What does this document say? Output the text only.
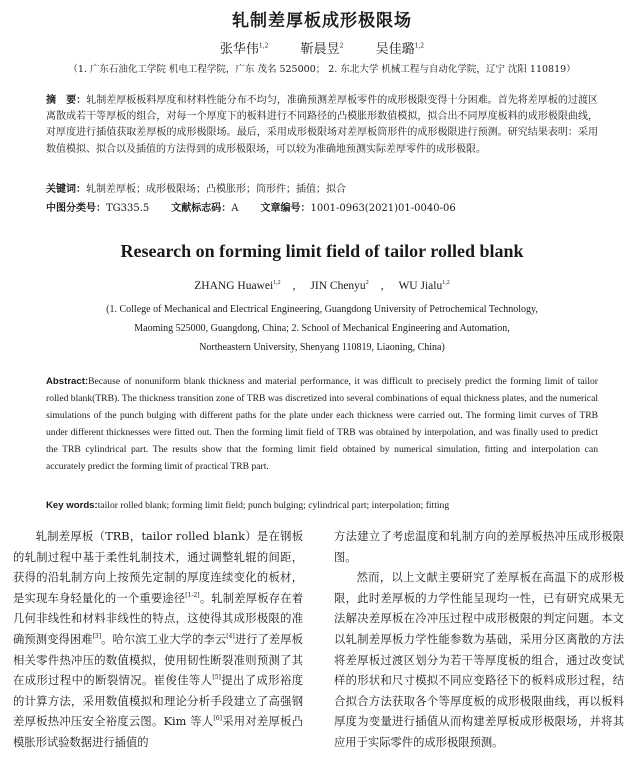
轧制差厚板成形极限场
张华伟$^{1,2}$ 靳晨昱$^2$ 吴佳璐$^{1,2}$
（1. 广东石油化工学院 机电工程学院，广东 茂名 525000； 2. 东北大学 机械工程与自动化学院，辽宁 沈阳 110819）
摘　要：轧制差厚板板料厚度和材料性能分布不均匀，准确预测差厚板零件的成形极限变得十分困难。首先将差厚板的过渡区离散成若干等厚板的组合，对每一个厚度下的板料进行不同路径的凸模胀形数值模拟，拟合出不同厚度板料的成形极限曲线，对厚度进行插值获取差厚板的成形极限场。最后，采用成形极限场对差厚板筒形件的成形极限进行预测。研究结果表明：采用数值模拟、拟合以及插值的方法得到的成形极限场，可以较为准确地预测实际差厚零件的成形极限。
关键词：轧制差厚板；成形极限场；凸模胀形；筒形件；插值；拟合
中图分类号：TG335.5 文献标志码：A 文章编号：1001-0963(2021)01-0040-06
Research on forming limit field of tailor rolled blank
ZHANG Huawei$^{1,2}$ , JIN Chenyu$^2$ , WU Jialu$^{1,2}$
(1. College of Mechanical and Electrical Engineering, Guangdong University of Petrochemical Technology,
Maoming 525000, Guangdong, China; 2. School of Mechanical Engineering and Automation,
Northeastern University, Shenyang 110819, Liaoning, China)
Abstract:Because of nonuniform blank thickness and material performance, it was difficult to precisely predict the forming limit of tailor rolled blank(TRB). The thickness transition zone of TRB was discretized into several combinations of equal thickness plates, and the numerical simulations of the punch bulging with different paths for the plate under each thickness were carried out. The forming limit curves of TRB under different thicknesses were fitted out. Then the forming limit field of TRB was obtained by interpolation, and was finally used to predict the TRB cylindrical part. The results show that the forming limit field obtained by numerical simulation, fitting and interpolation can accurately predict the forming limit of practical TRB part.
Key words:tailor rolled blank; forming limit field; punch bulging; cylindrical part; interpolation; fitting

轧制差厚板（TRB，tailor rolled blank）是在钢板的轧制过程中基于柔性轧制技术，通过调整轧辊的间距，获得的沿轧制方向上按预先定制的厚度连续变化的板材，是实现车身轻量化的一个重要途径[1-2]。轧制差厚板存在着几何非线性和材料非线性的特点，这使得其成形极限的准确预测变得困难[3]。哈尔滨工业大学的李云[4]进行了差厚板相关零件热冲压的数值模拟，使用韧性断裂准则预测了其在成形过程中的断裂情况。崔俊佳等人[5]提出了成形裕度的计算方法，采用数值模拟和理论分析手段建立了高强钢差厚板热冲压安全裕度云图。Kim 等人[6]采用对差厚板凸模胀形试验数据进行插值的

方法建立了考虑温度和轧制方向的差厚板热冲压成形极限图。

然而，以上文献主要研究了差厚板在高温下的成形极限，此时差厚板的力学性能呈现均一性，已有研究成果无法解决差厚板在冷冲压过程中成形极限的判定问题。本文以轧制差厚板力学性能参数为基础，采用分区离散的方法将差厚板过渡区划分为若干等厚度板的组合，通过改变试样的形状和尺寸模拟不同应变路径下的板料成形过程，结合拟合方法获取各个等厚度板的成形极限曲线，再以板料厚度为变量进行插值从而构建差厚板成形极限场，并将其应用于实际零件的成形极限预测。
